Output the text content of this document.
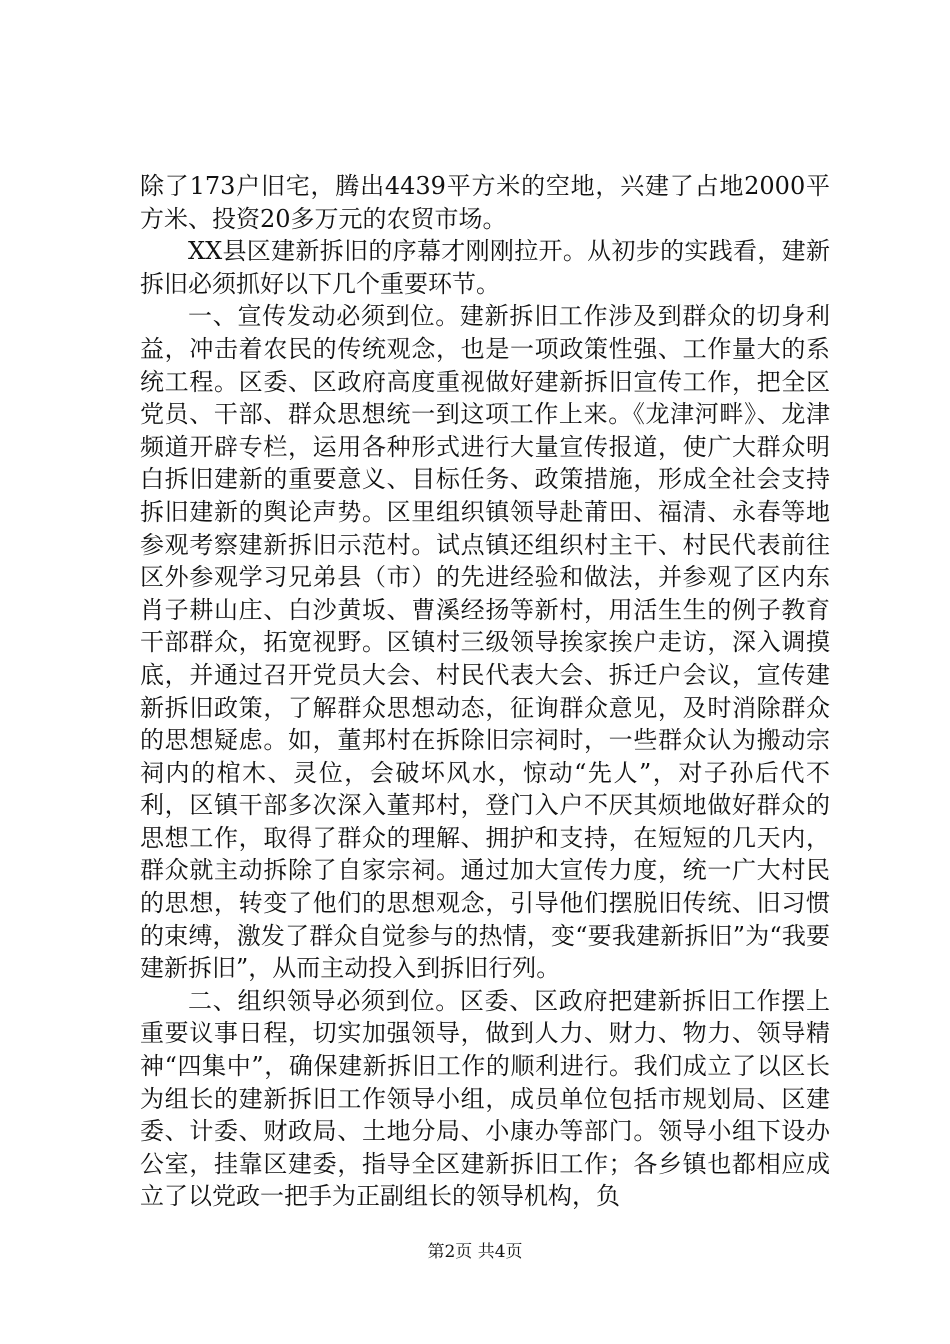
除了173户旧宅，腾出4439平方米的空地，兴建了占地2000平方米、投资20多万元的农贸市场。

XX县区建新拆旧的序幕才刚刚拉开。从初步的实践看，建新拆旧必须抓好以下几个重要环节。

一、宣传发动必须到位。建新拆旧工作涉及到群众的切身利益，冲击着农民的传统观念，也是一项政策性强、工作量大的系统工程。区委、区政府高度重视做好建新拆旧宣传工作，把全区党员、干部、群众思想统一到这项工作上来。《龙津河畔》、龙津频道开辟专栏，运用各种形式进行大量宣传报道，使广大群众明白拆旧建新的重要意义、目标任务、政策措施，形成全社会支持拆旧建新的舆论声势。区里组织镇领导赴莆田、福清、永春等地参观考察建新拆旧示范村。试点镇还组织村主干、村民代表前往区外参观学习兄弟县（市）的先进经验和做法，并参观了区内东肖子耕山庄、白沙黄坂、曹溪经扬等新村，用活生生的例子教育干部群众，拓宽视野。区镇村三级领导挨家挨户走访，深入调摸底，并通过召开党员大会、村民代表大会、拆迁户会议，宣传建新拆旧政策，了解群众思想动态，征询群众意见，及时消除群众的思想疑虑。如，董邦村在拆除旧宗祠时，一些群众认为搬动宗祠内的棺木、灵位，会破坏风水，惊动“先人”，对子孙后代不利，区镇干部多次深入董邦村，登门入户不厌其烦地做好群众的思想工作，取得了群众的理解、拥护和支持，在短短的几天内，群众就主动拆除了自家宗祠。通过加大宣传力度，统一广大村民的思想，转变了他们的思想观念，引导他们摆脱旧传统、旧习惯的束缚，激发了群众自觉参与的热情，变“要我建新拆旧”为“我要建新拆旧”，从而主动投入到拆旧行列。

二、组织领导必须到位。区委、区政府把建新拆旧工作摆上重要议事日程，切实加强领导，做到人力、财力、物力、领导精神“四集中”，确保建新拆旧工作的顺利进行。我们成立了以区长为组长的建新拆旧工作领导小组，成员单位包括市规划局、区建委、计委、财政局、土地分局、小康办等部门。领导小组下设办公室，挂靠区建委，指导全区建新拆旧工作；各乡镇也都相应成立了以党政一把手为正副组长的领导机构，负

第2页 共4页
